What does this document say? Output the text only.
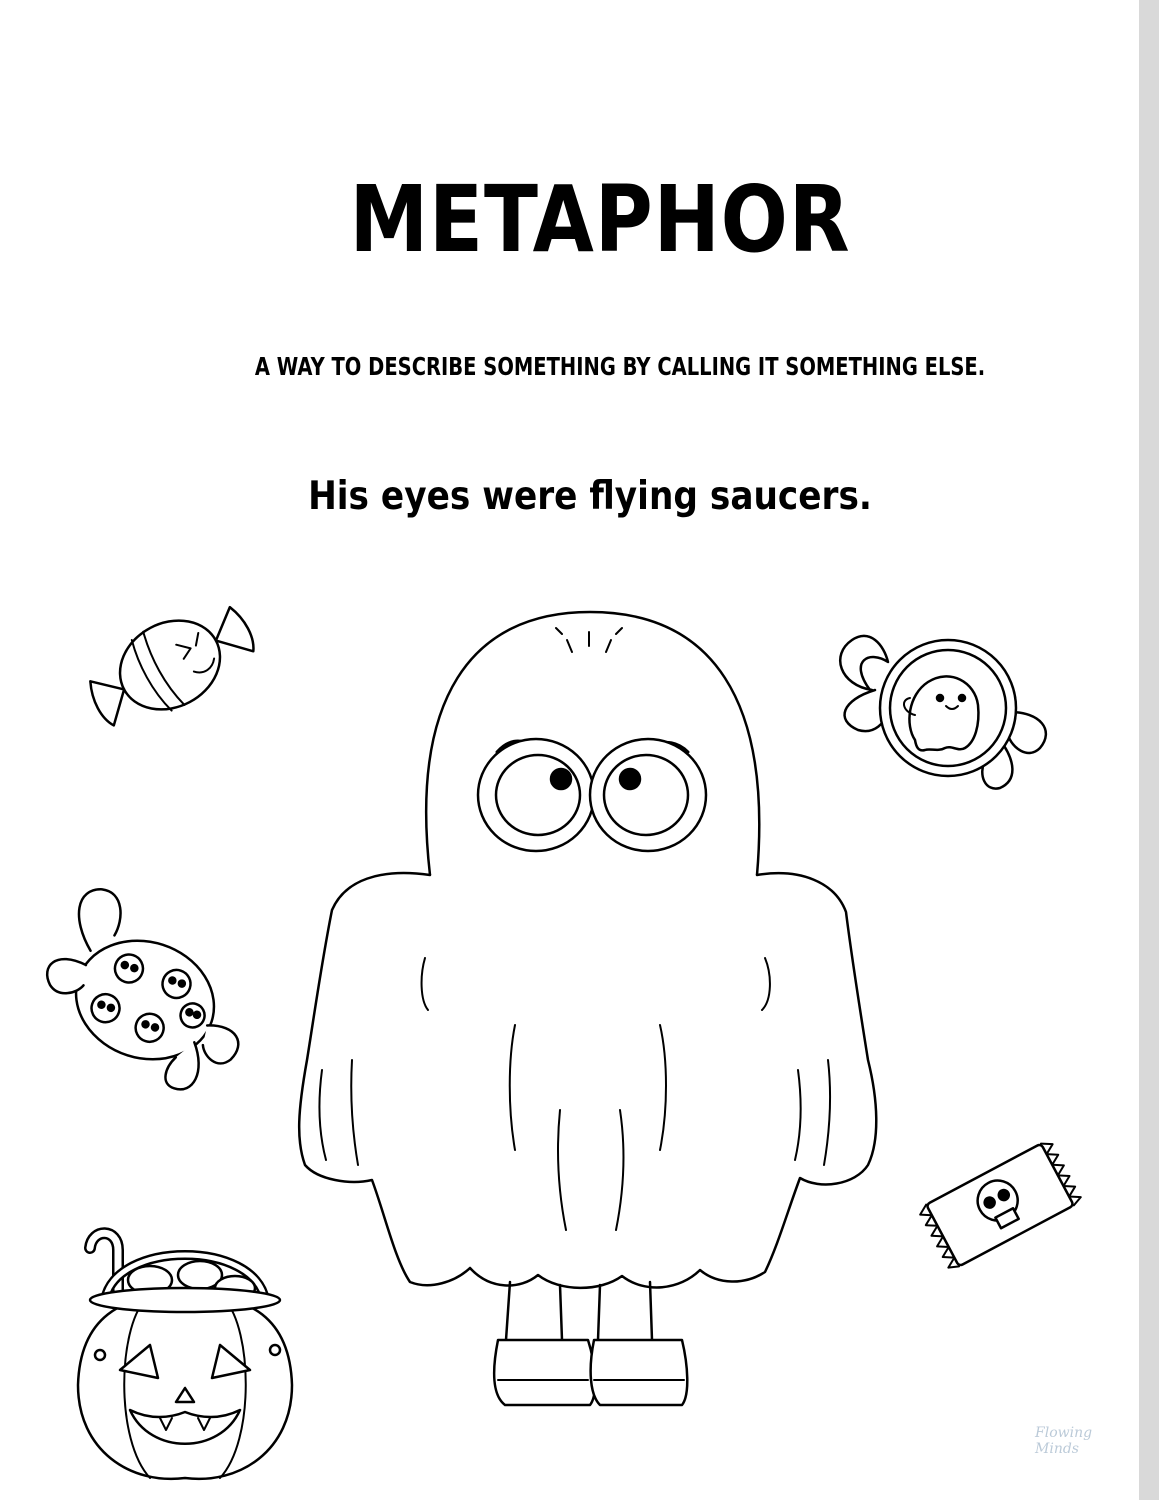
METAPHOR
A WAY TO DESCRIBE SOMETHING BY CALLING IT SOMETHING ELSE.
His eyes were flying saucers.
Flowing Minds
